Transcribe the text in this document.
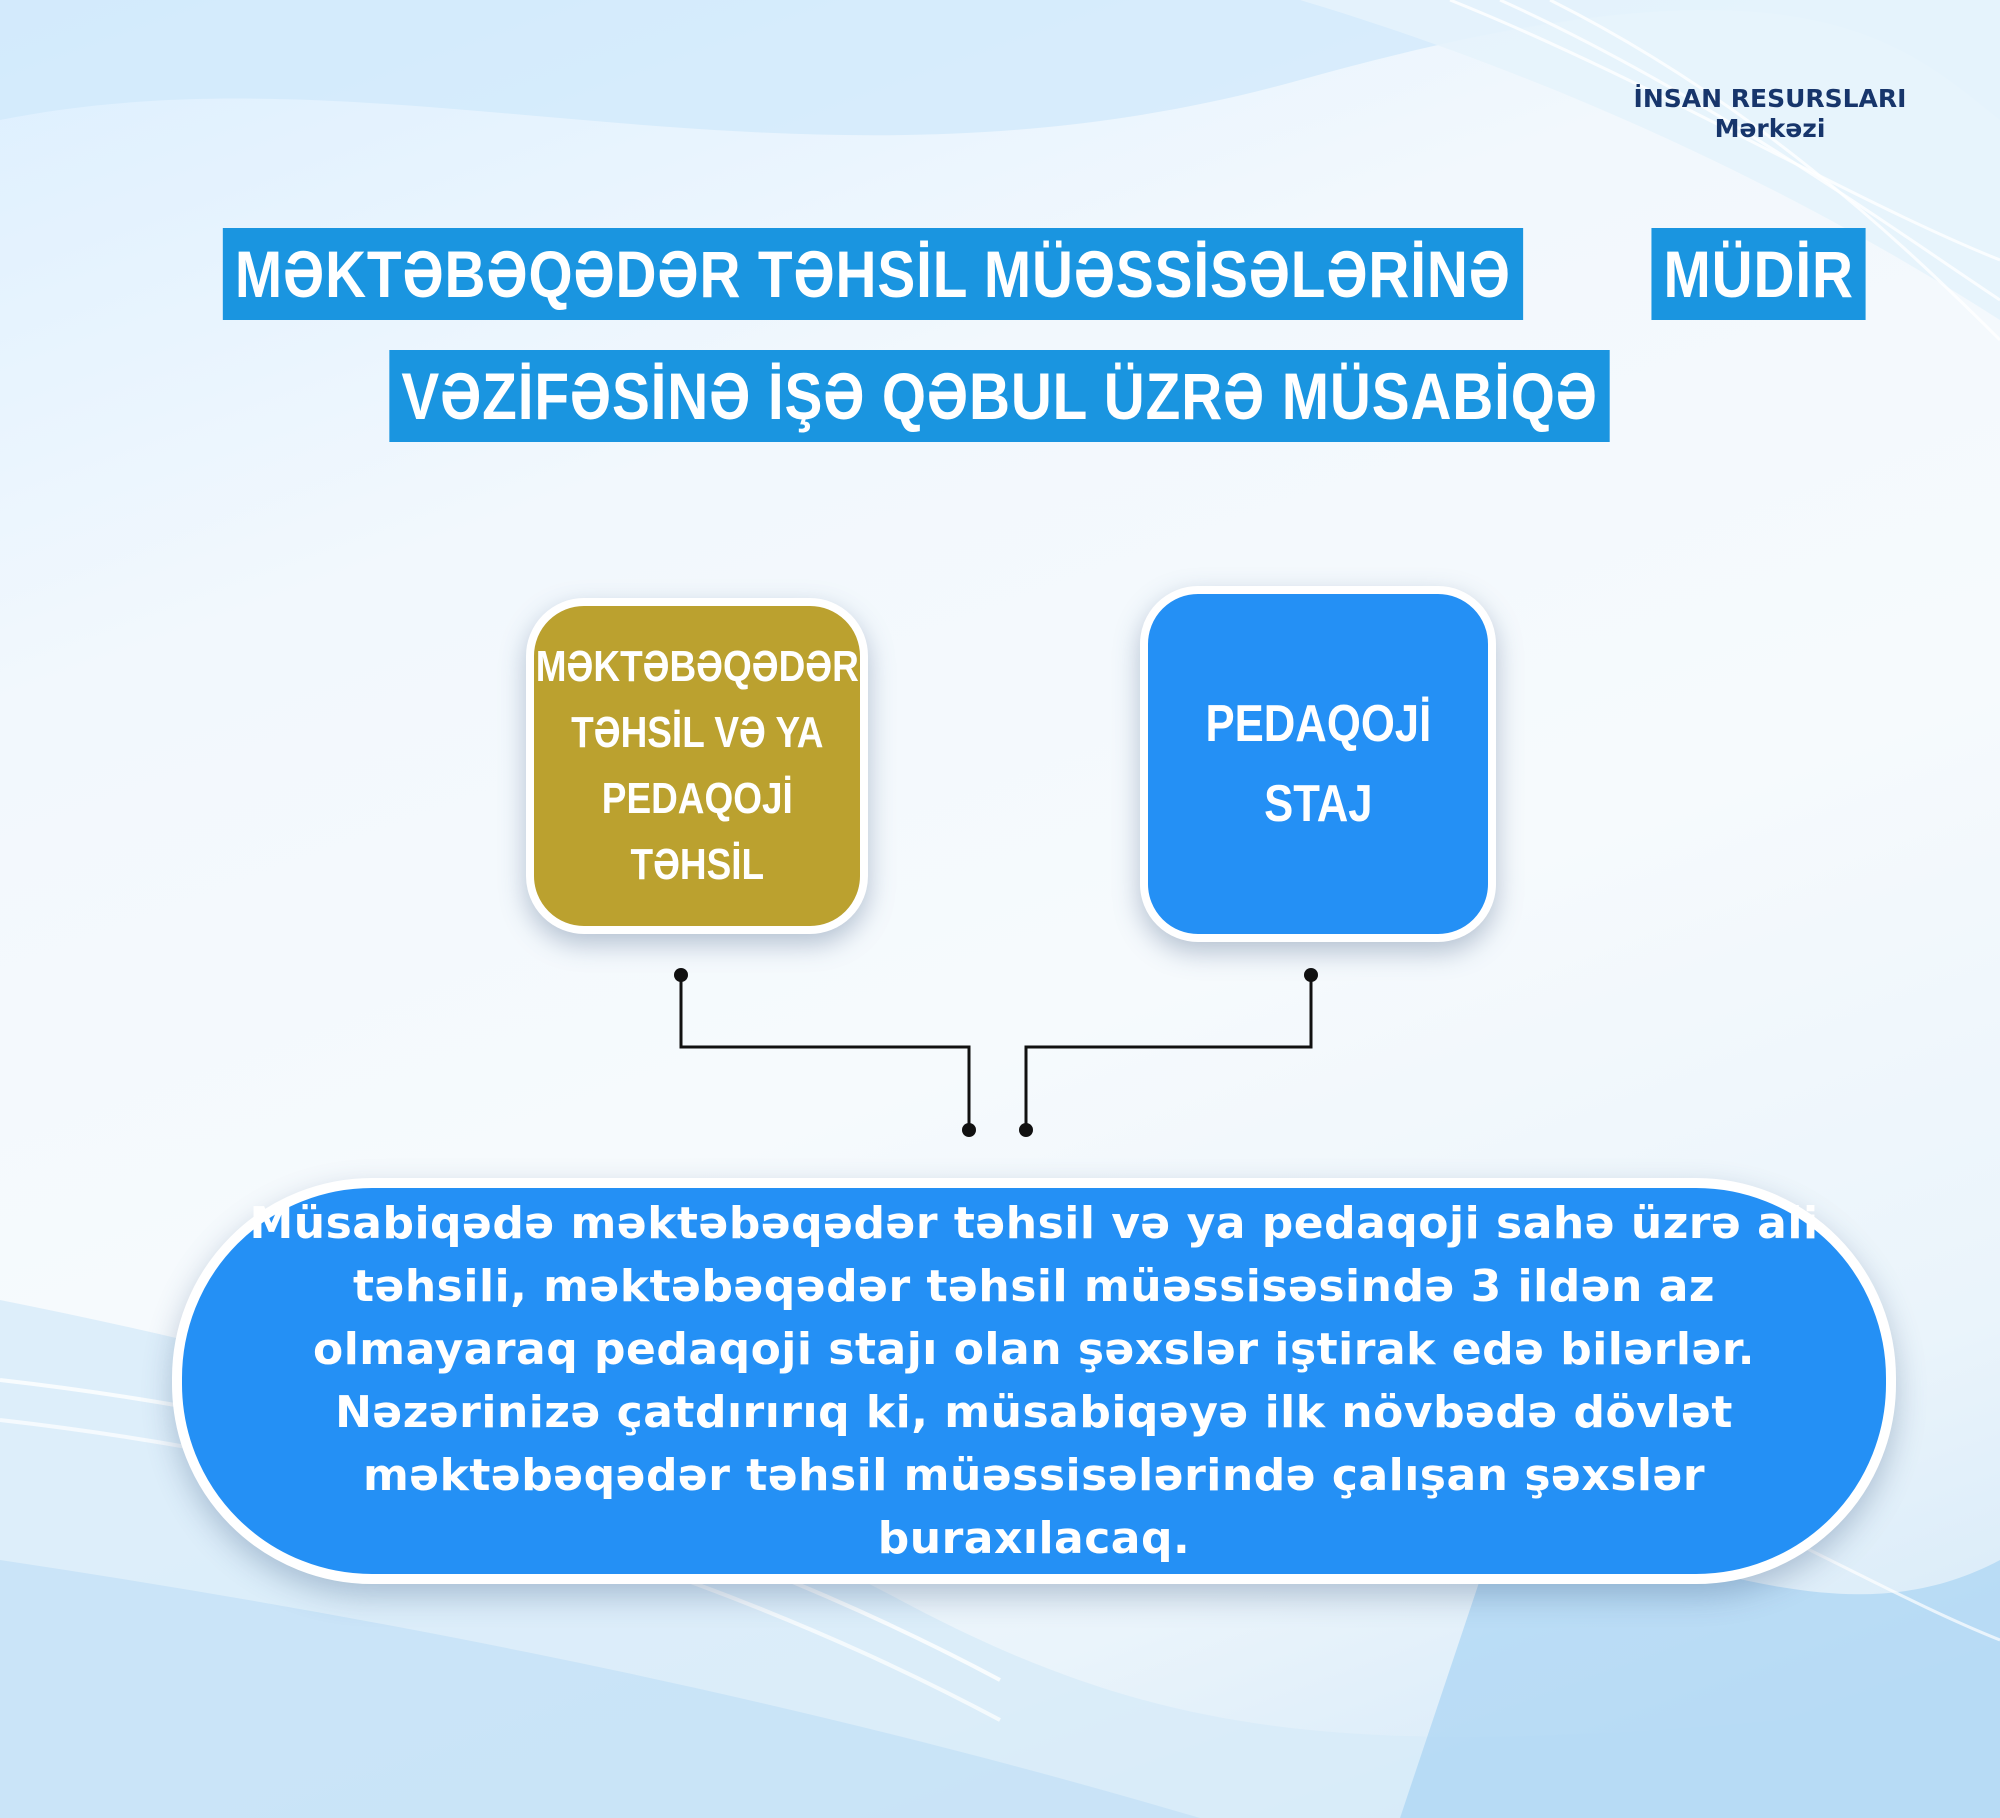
İNSAN RESURSLARI
Mərkəzi
MƏKTƏBƏQƏDƏR TƏHSİL MÜƏSSİSƏLƏRİNƏ MÜDİR
VƏZİFƏSİNƏ İŞƏ QƏBUL ÜZRƏ MÜSABİQƏ
MƏKTƏBƏQƏDƏR
TƏHSİL VƏ YA
PEDAQOJİ TƏHSİL
PEDAQOJİ
STAJ
Müsabiqədə məktəbəqədər təhsil və ya pedaqoji sahə üzrə ali təhsili, məktəbəqədər təhsil müəssisəsində 3 ildən az olmayaraq pedaqoji stajı olan şəxslər iştirak edə bilərlər. Nəzərinizə çatdırırıq ki, müsabiqəyə ilk növbədə dövlət məktəbəqədər təhsil müəssisələrində çalışan şəxslər buraxılacaq.
